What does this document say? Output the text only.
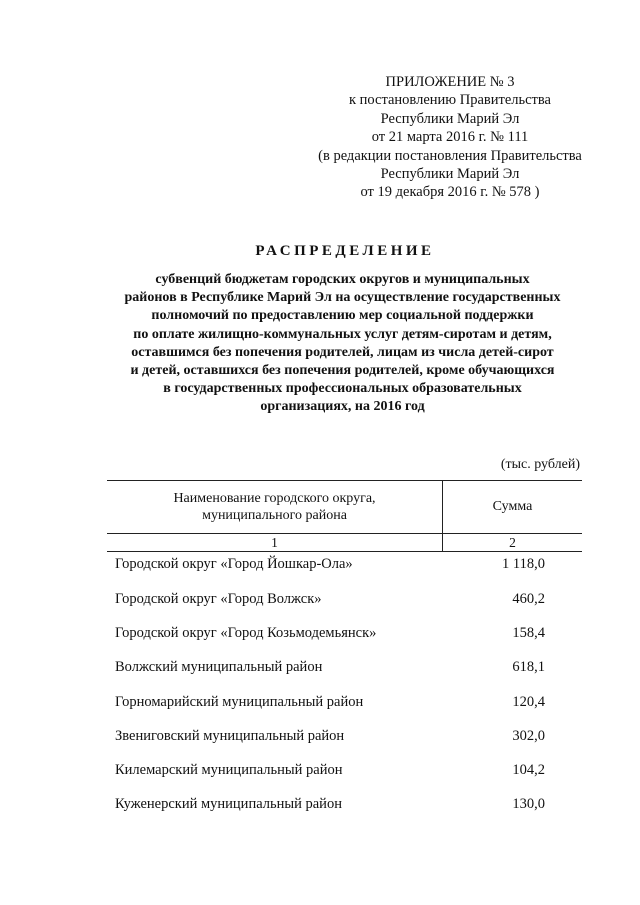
ПРИЛОЖЕНИЕ № 3
к постановлению Правительства
Республики Марий Эл
от 21 марта 2016 г. № 111
(в редакции постановления Правительства
Республики Марий Эл
от 19 декабря 2016 г. № 578 )
РАСПРЕДЕЛЕНИЕ
субвенций бюджетам городских округов и муниципальных
районов в Республике Марий Эл на осуществление государственных
полномочий по предоставлению мер социальной поддержки
по оплате жилищно-коммунальных услуг детям-сиротам и детям,
оставшимся без попечения родителей, лицам из числа детей-сирот
и детей, оставшихся без попечения родителей, кроме обучающихся
в государственных профессиональных образовательных
организациях, на 2016 год
(тыс. рублей)
Наименование городского округа,
муниципального района
Сумма
1	2
Городской округ «Город Йошкар-Ола»	1 118,0
Городской округ «Город Волжск»	460,2
Городской округ «Город Козьмодемьянск»	158,4
Волжский муниципальный район	618,1
Горномарийский муниципальный район	120,4
Звениговский муниципальный район	302,0
Килемарский муниципальный район	104,2
Куженерский муниципальный район	130,0
